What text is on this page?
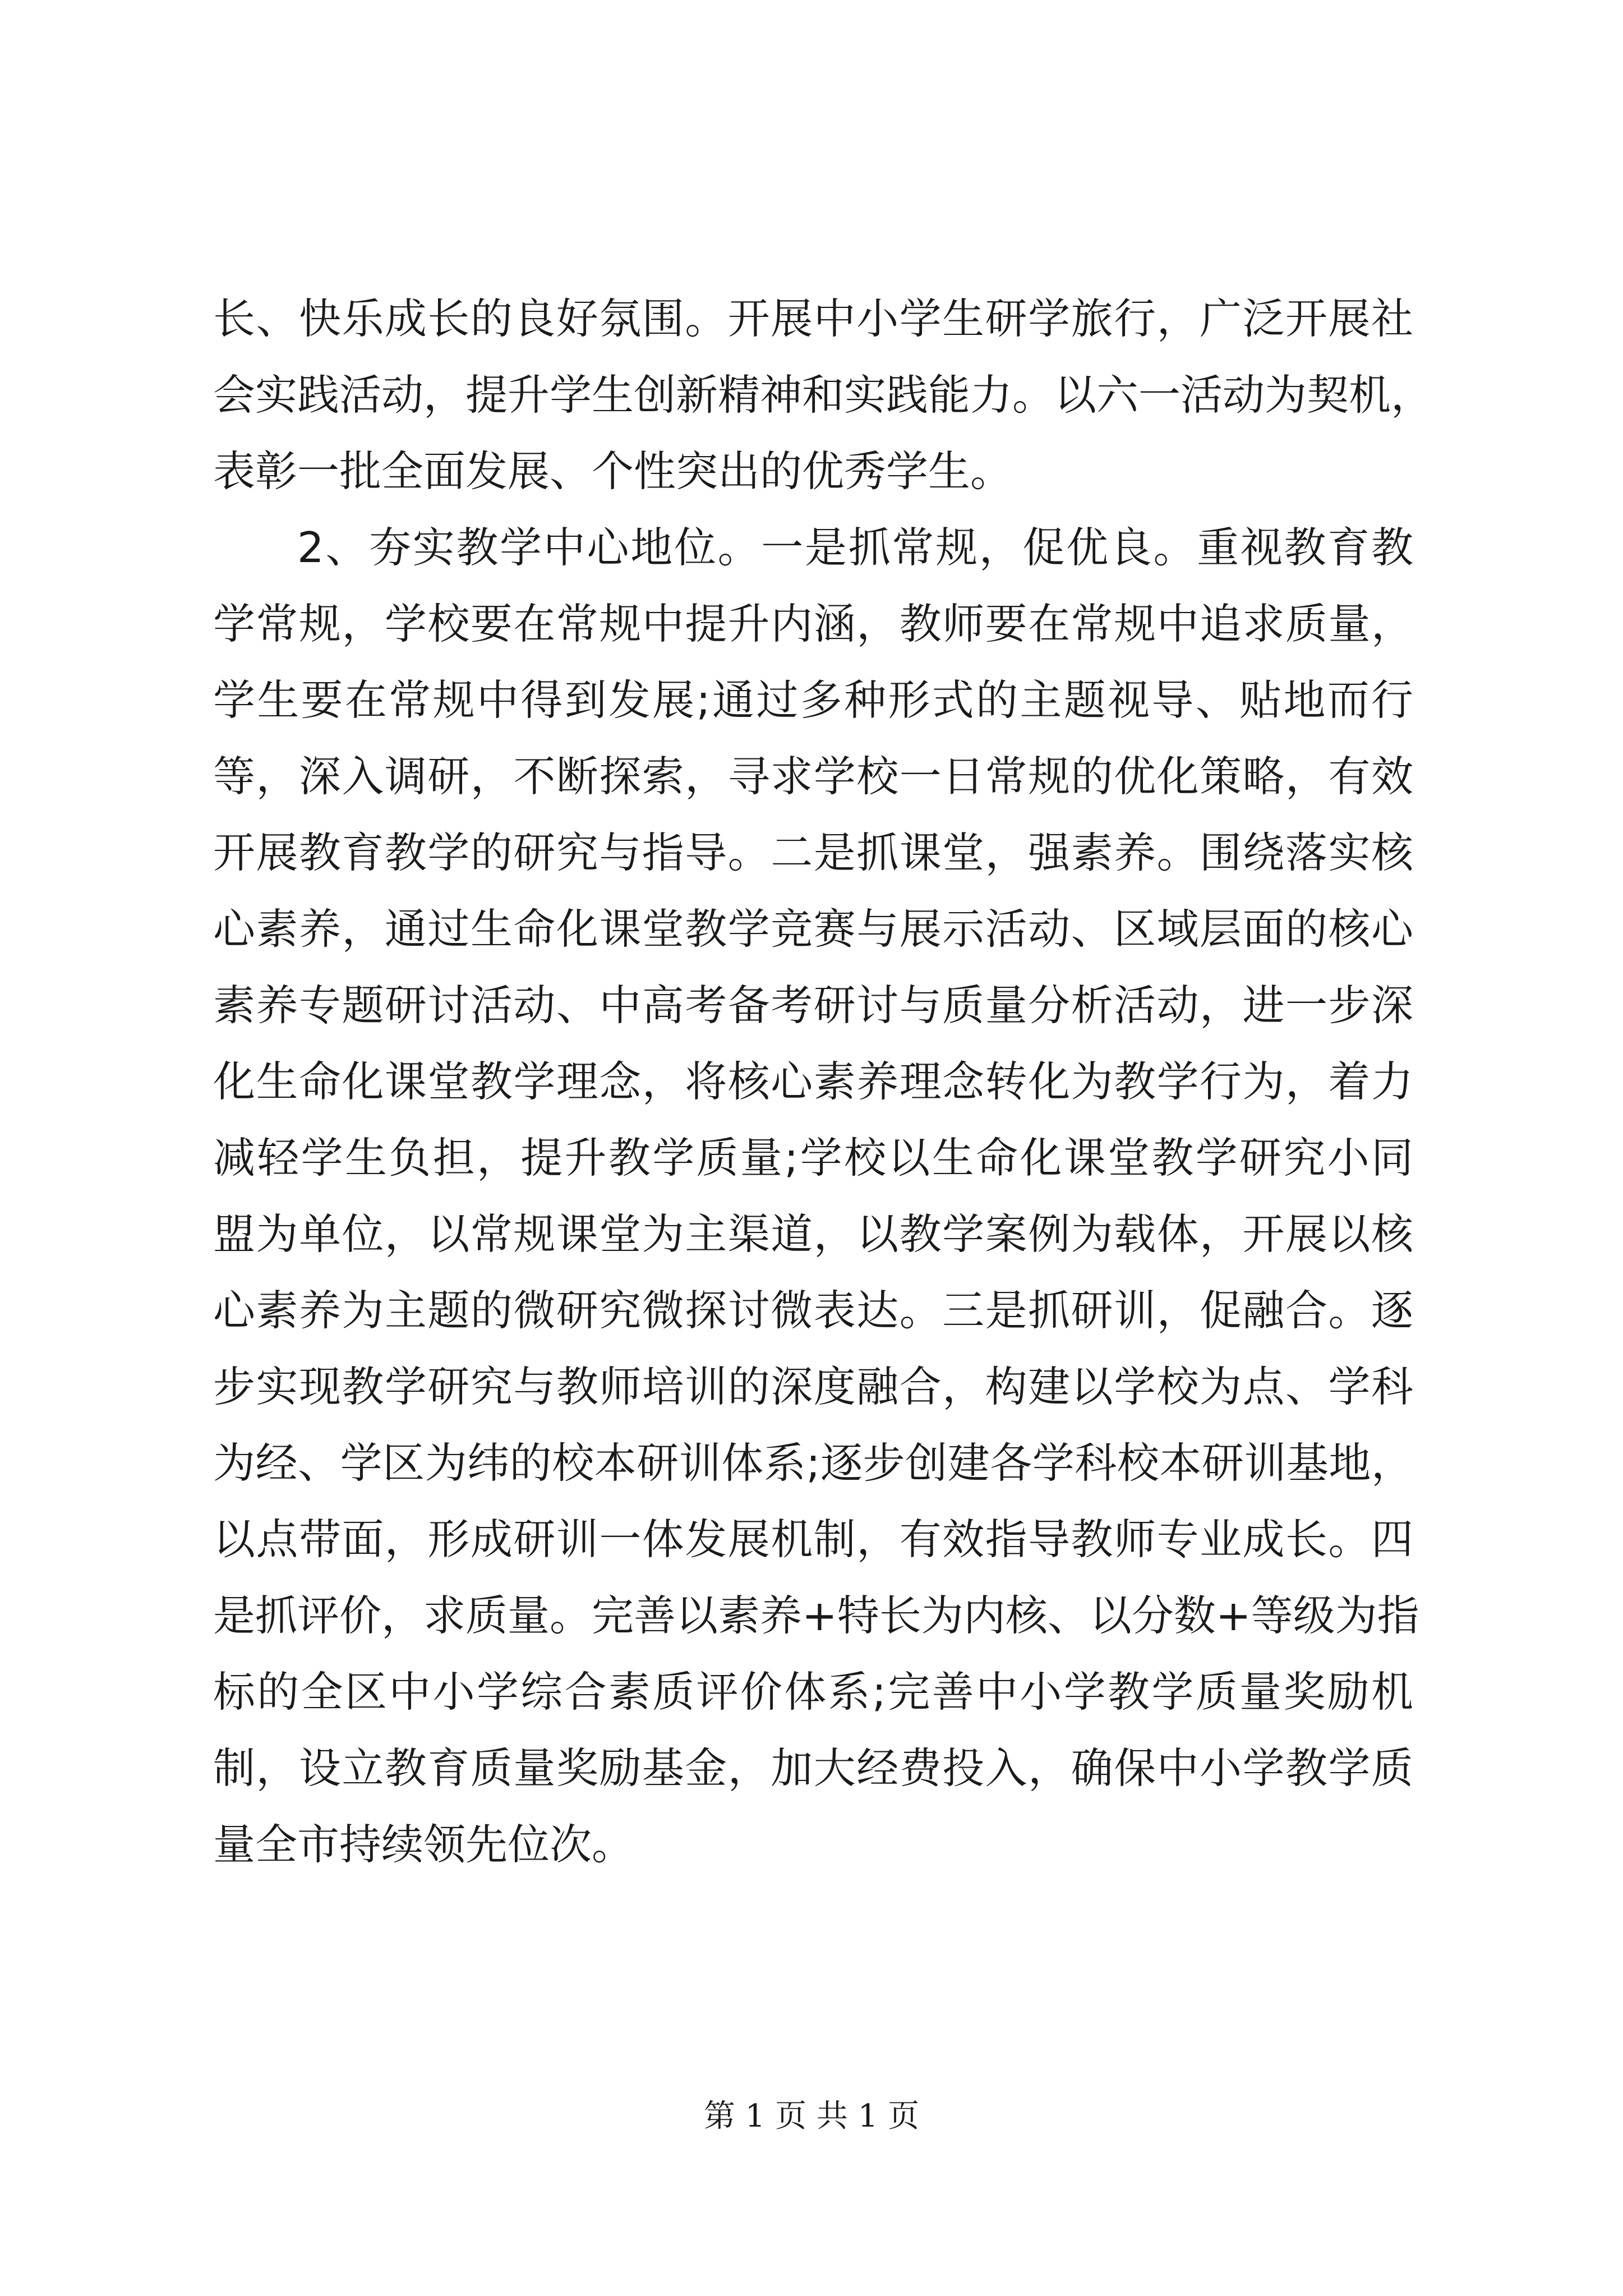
长、快乐成长的良好氛围。开展中小学生研学旅行，广泛开展社
会实践活动，提升学生创新精神和实践能力。以六一活动为契机，
表彰一批全面发展、个性突出的优秀学生。
2、夯实教学中心地位。一是抓常规，促优良。重视教育教
学常规，学校要在常规中提升内涵，教师要在常规中追求质量，
学生要在常规中得到发展;通过多种形式的主题视导、贴地而行
等，深入调研，不断探索，寻求学校一日常规的优化策略，有效
开展教育教学的研究与指导。二是抓课堂，强素养。围绕落实核
心素养，通过生命化课堂教学竞赛与展示活动、区域层面的核心
素养专题研讨活动、中高考备考研讨与质量分析活动，进一步深
化生命化课堂教学理念，将核心素养理念转化为教学行为，着力
减轻学生负担，提升教学质量;学校以生命化课堂教学研究小同
盟为单位，以常规课堂为主渠道，以教学案例为载体，开展以核
心素养为主题的微研究微探讨微表达。三是抓研训，促融合。逐
步实现教学研究与教师培训的深度融合，构建以学校为点、学科
为经、学区为纬的校本研训体系;逐步创建各学科校本研训基地，
以点带面，形成研训一体发展机制，有效指导教师专业成长。四
是抓评价，求质量。完善以素养+特长为内核、以分数+等级为指
标的全区中小学综合素质评价体系;完善中小学教学质量奖励机
制，设立教育质量奖励基金，加大经费投入，确保中小学教学质
量全市持续领先位次。
第 1 页 共 1 页
